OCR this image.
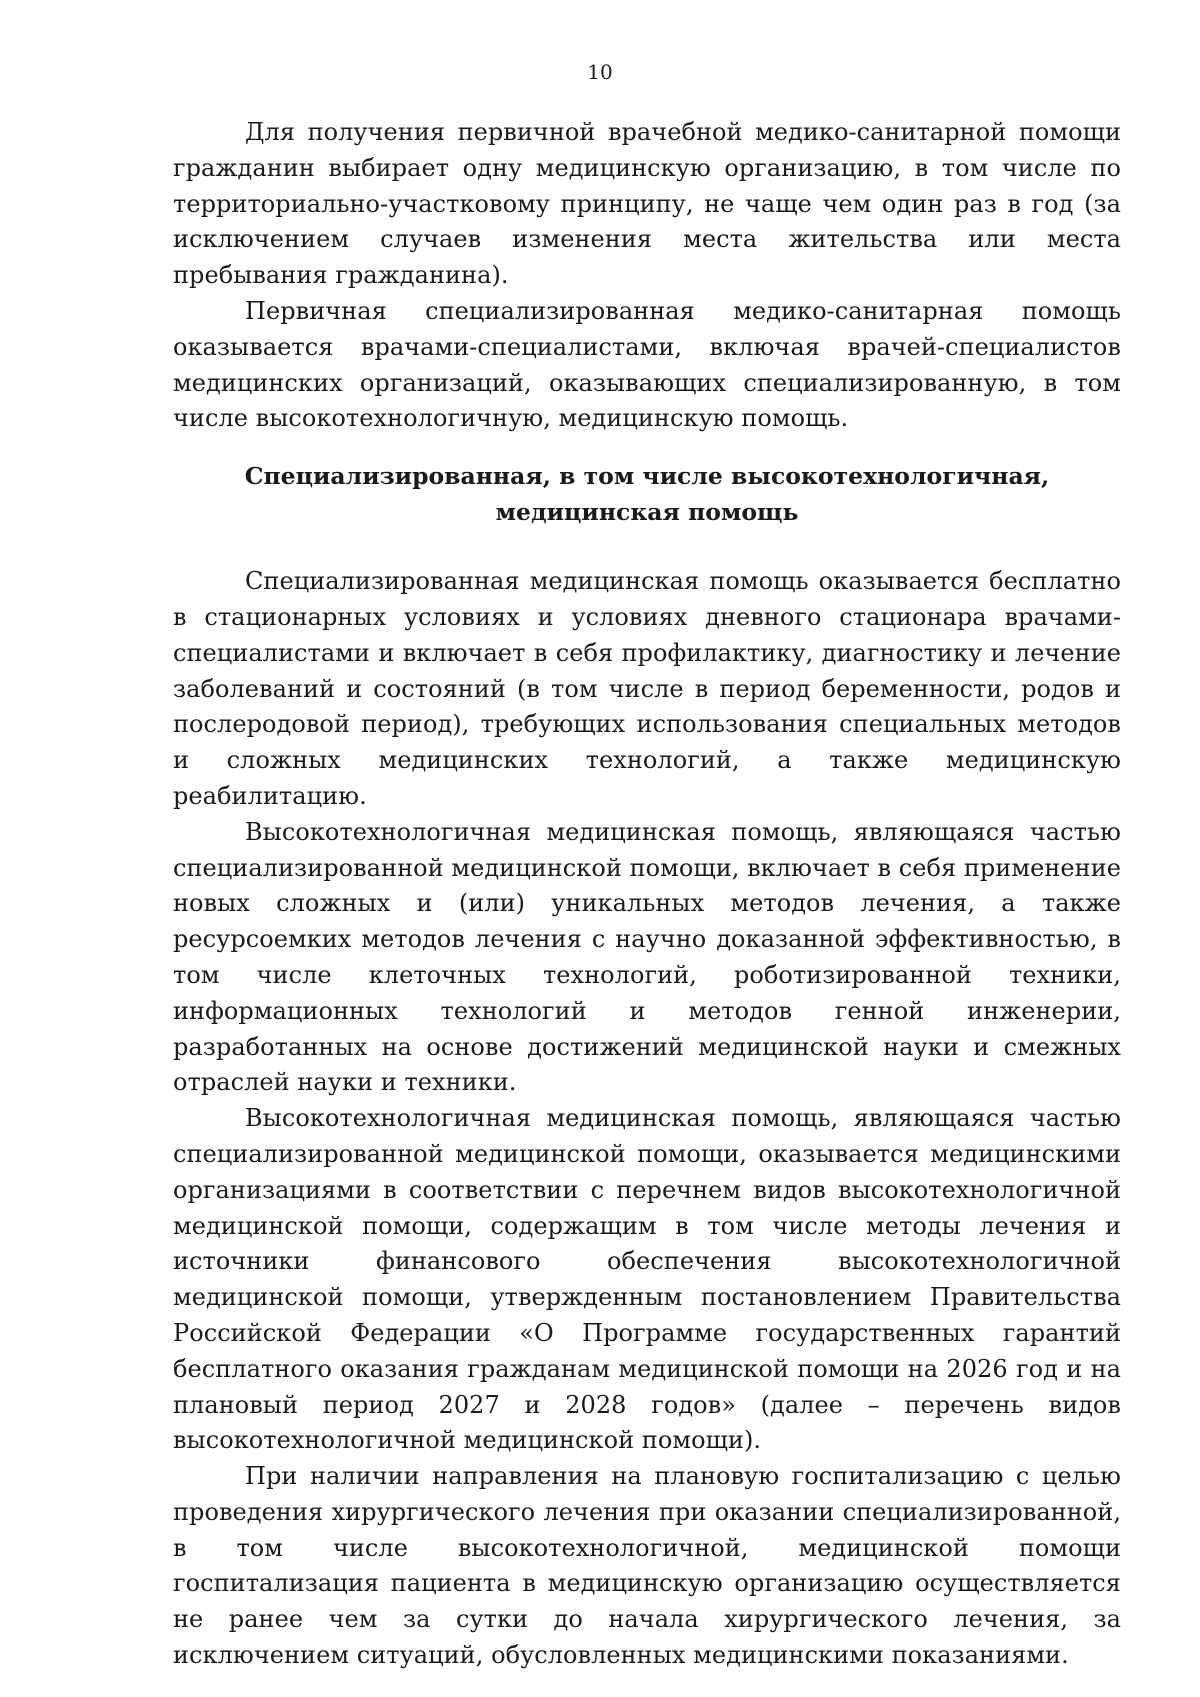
10

Для получения первичной врачебной медико-санитарной помощи гражданин выбирает одну медицинскую организацию, в том числе по территориально-участковому принципу, не чаще чем один раз в год (за исключением случаев изменения места жительства или места пребывания гражданина).

Первичная специализированная медико-санитарная помощь оказывается врачами-специалистами, включая врачей-специалистов медицинских организаций, оказывающих специализированную, в том числе высокотехнологичную, медицинскую помощь.

Специализированная, в том числе высокотехнологичная,
медицинская помощь

Специализированная медицинская помощь оказывается бесплатно в стационарных условиях и условиях дневного стационара врачами-специалистами и включает в себя профилактику, диагностику и лечение заболеваний и состояний (в том числе в период беременности, родов и послеродовой период), требующих использования специальных методов и сложных медицинских технологий, а также медицинскую реабилитацию.

Высокотехнологичная медицинская помощь, являющаяся частью специализированной медицинской помощи, включает в себя применение новых сложных и (или) уникальных методов лечения, а также ресурсоемких методов лечения с научно доказанной эффективностью, в том числе клеточных технологий, роботизированной техники, информационных технологий и методов генной инженерии, разработанных на основе достижений медицинской науки и смежных отраслей науки и техники.

Высокотехнологичная медицинская помощь, являющаяся частью специализированной медицинской помощи, оказывается медицинскими организациями в соответствии с перечнем видов высокотехнологичной медицинской помощи, содержащим в том числе методы лечения и источники финансового обеспечения высокотехнологичной медицинской помощи, утвержденным постановлением Правительства Российской Федерации «О Программе государственных гарантий бесплатного оказания гражданам медицинской помощи на 2026 год и на плановый период 2027 и 2028 годов» (далее – перечень видов высокотехнологичной медицинской помощи).

При наличии направления на плановую госпитализацию с целью проведения хирургического лечения при оказании специализированной, в том числе высокотехнологичной, медицинской помощи госпитализация пациента в медицинскую организацию осуществляется не ранее чем за сутки до начала хирургического лечения, за исключением ситуаций, обусловленных медицинскими показаниями.
